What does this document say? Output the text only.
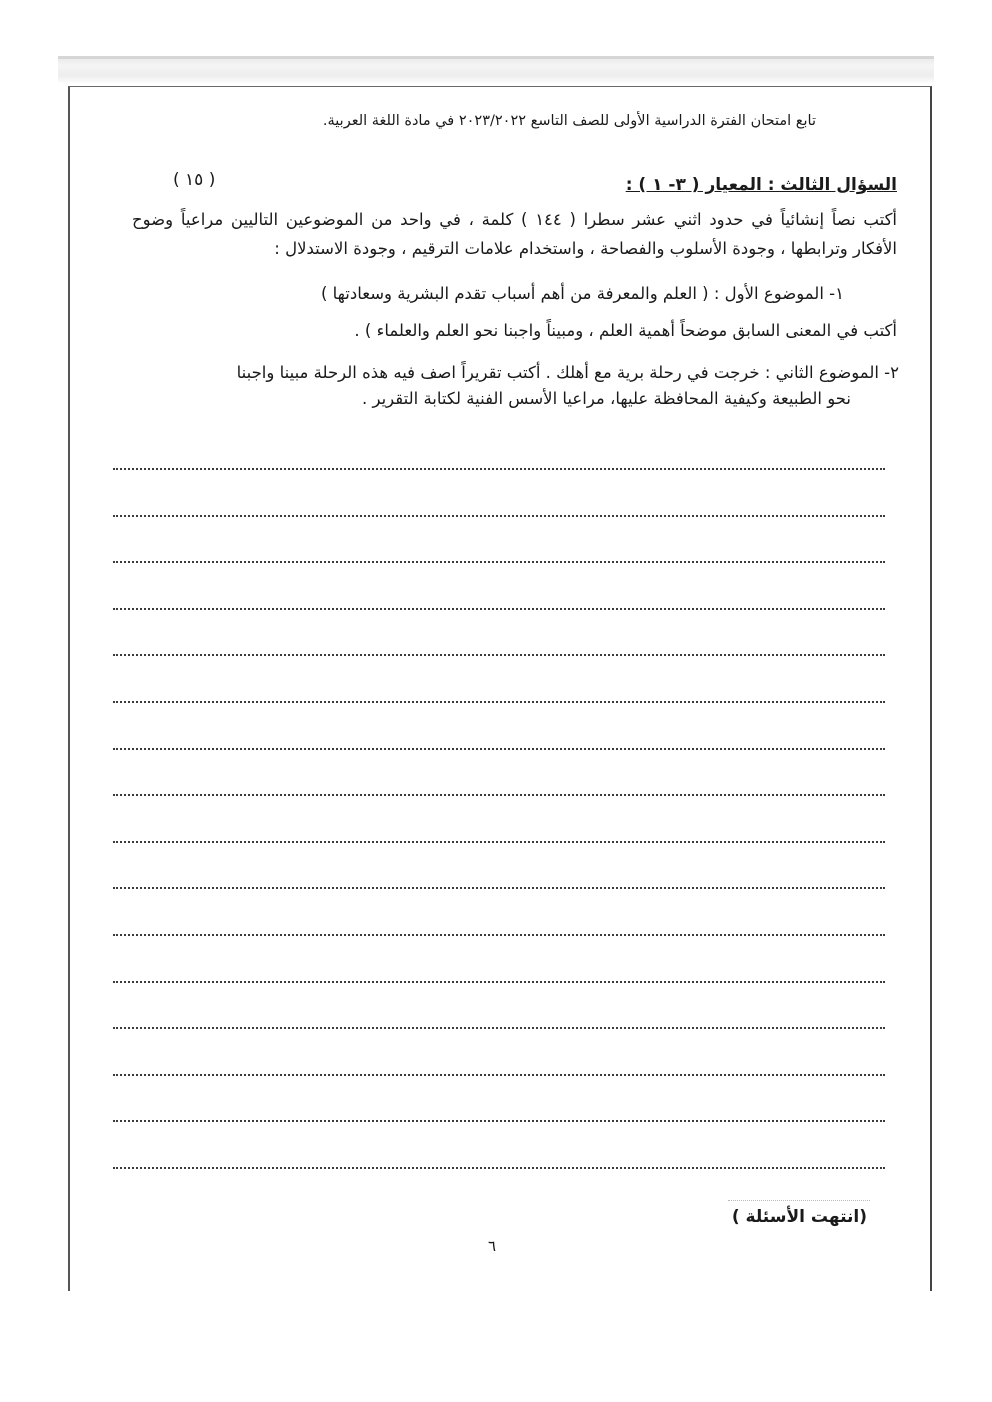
تابع امتحان الفترة الدراسية الأولى للصف التاسع ٢٠٢٣/٢٠٢٢ في مادة اللغة العربية.
السؤال الثالث : المعيار ( ٣- ١ ) :
( ١٥ )
أكتب نصاً إنشائياً في حدود اثني عشر سطرا ( ١٤٤ ) كلمة ، في واحد من الموضوعين التاليين مراعياً وضوح الأفكار وترابطها ، وجودة الأسلوب والفصاحة ، واستخدام علامات الترقيم ، وجودة الاستدلال :
١- الموضوع الأول : ( العلم والمعرفة من أهم أسباب تقدم البشرية وسعادتها )
أكتب في المعنى السابق موضحاً أهمية العلم ، ومبيناً واجبنا نحو العلم والعلماء ) .
٢- الموضوع الثاني : خرجت في رحلة برية مع أهلك . أكتب تقريراً اصف فيه هذه الرحلة مبينا واجبنا
نحو الطبيعة وكيفية المحافظة عليها، مراعيا الأسس الفنية لكتابة التقرير .
(انتهت الأسئلة )
٦
